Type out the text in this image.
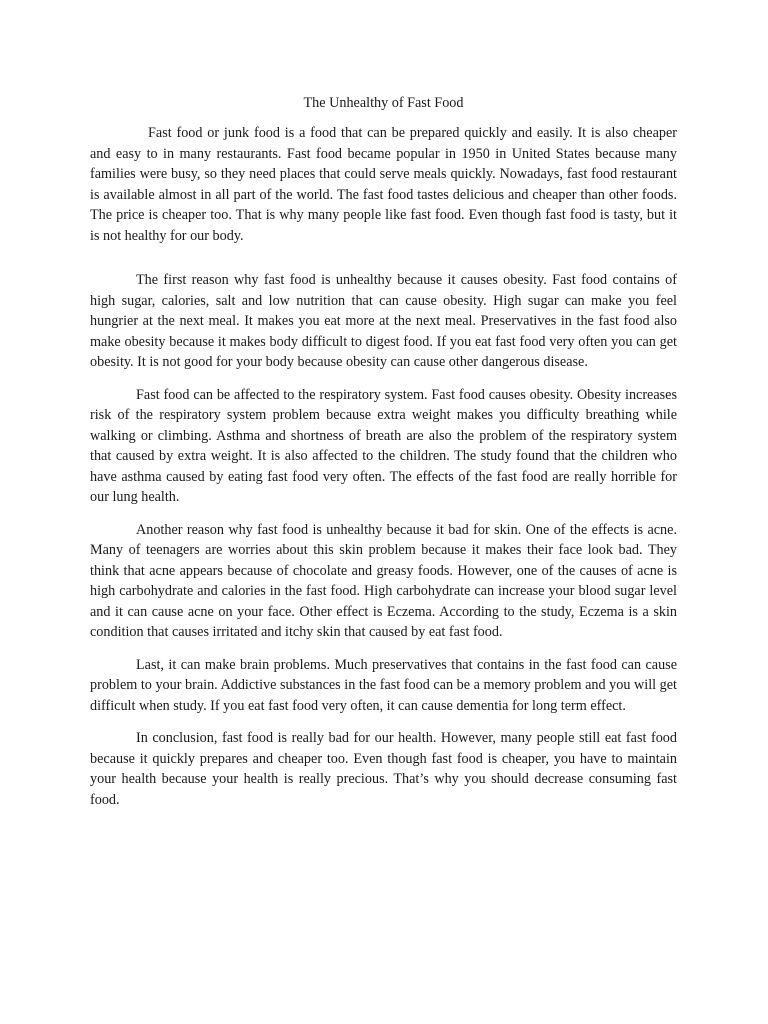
The Unhealthy of Fast Food

Fast food or junk food is a food that can be prepared quickly and easily. It is also cheaper and easy to in many restaurants. Fast food became popular in 1950 in United States because many families were busy, so they need places that could serve meals quickly. Nowadays, fast food restaurant is available almost in all part of the world. The fast food tastes delicious and cheaper than other foods. The price is cheaper too. That is why many people like fast food. Even though fast food is tasty, but it is not healthy for our body.

The first reason why fast food is unhealthy because it causes obesity. Fast food contains of high sugar, calories, salt and low nutrition that can cause obesity. High sugar can make you feel hungrier at the next meal. It makes you eat more at the next meal. Preservatives in the fast food also make obesity because it makes body difficult to digest food. If you eat fast food very often you can get obesity. It is not good for your body because obesity can cause other dangerous disease.

Fast food can be affected to the respiratory system. Fast food causes obesity. Obesity increases risk of the respiratory system problem because extra weight makes you difficulty breathing while walking or climbing. Asthma and shortness of breath are also the problem of the respiratory system that caused by extra weight. It is also affected to the children. The study found that the children who have asthma caused by eating fast food very often. The effects of the fast food are really horrible for our lung health.

Another reason why fast food is unhealthy because it bad for skin. One of the effects is acne. Many of teenagers are worries about this skin problem because it makes their face look bad. They think that acne appears because of chocolate and greasy foods. However, one of the causes of acne is high carbohydrate and calories in the fast food. High carbohydrate can increase your blood sugar level and it can cause acne on your face. Other effect is Eczema. According to the study, Eczema is a skin condition that causes irritated and itchy skin that caused by eat fast food.

Last, it can make brain problems. Much preservatives that contains in the fast food can cause problem to your brain. Addictive substances in the fast food can be a memory problem and you will get difficult when study. If you eat fast food very often, it can cause dementia for long term effect.

In conclusion, fast food is really bad for our health. However, many people still eat fast food because it quickly prepares and cheaper too. Even though fast food is cheaper, you have to maintain your health because your health is really precious. That’s why you should decrease consuming fast food.
